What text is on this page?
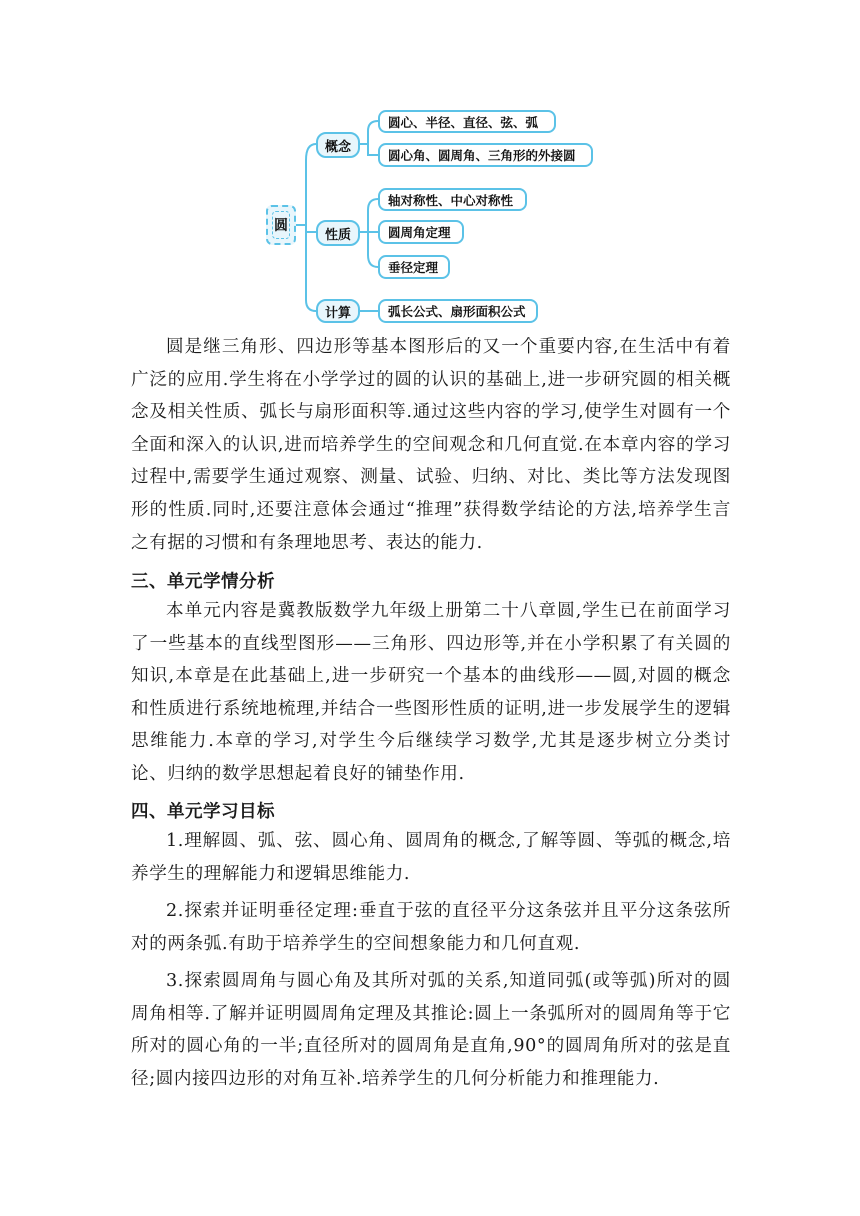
圆
概念
性质
计算
圆心、半径、直径、弦、弧
圆心角、圆周角、三角形的外接圆
轴对称性、中心对称性
圆周角定理
垂径定理
弧长公式、扇形面积公式

圆是继三角形、四边形等基本图形后的又一个重要内容,在生活中有着广泛的应用.学生将在小学学过的圆的认识的基础上,进一步研究圆的相关概念及相关性质、弧长与扇形面积等.通过这些内容的学习,使学生对圆有一个全面和深入的认识,进而培养学生的空间观念和几何直觉.在本章内容的学习过程中,需要学生通过观察、测量、试验、归纳、对比、类比等方法发现图形的性质.同时,还要注意体会通过“推理”获得数学结论的方法,培养学生言之有据的习惯和有条理地思考、表达的能力.

三、单元学情分析

本单元内容是冀教版数学九年级上册第二十八章圆,学生已在前面学习了一些基本的直线型图形——三角形、四边形等,并在小学积累了有关圆的知识,本章是在此基础上,进一步研究一个基本的曲线形——圆,对圆的概念和性质进行系统地梳理,并结合一些图形性质的证明,进一步发展学生的逻辑思维能力.本章的学习,对学生今后继续学习数学,尤其是逐步树立分类讨论、归纳的数学思想起着良好的铺垫作用.

四、单元学习目标

1.理解圆、弧、弦、圆心角、圆周角的概念,了解等圆、等弧的概念,培养学生的理解能力和逻辑思维能力.

2.探索并证明垂径定理:垂直于弦的直径平分这条弦并且平分这条弦所对的两条弧.有助于培养学生的空间想象能力和几何直观.

3.探索圆周角与圆心角及其所对弧的关系,知道同弧(或等弧)所对的圆周角相等.了解并证明圆周角定理及其推论:圆上一条弧所对的圆周角等于它所对的圆心角的一半;直径所对的圆周角是直角,90°的圆周角所对的弦是直径;圆内接四边形的对角互补.培养学生的几何分析能力和推理能力.
